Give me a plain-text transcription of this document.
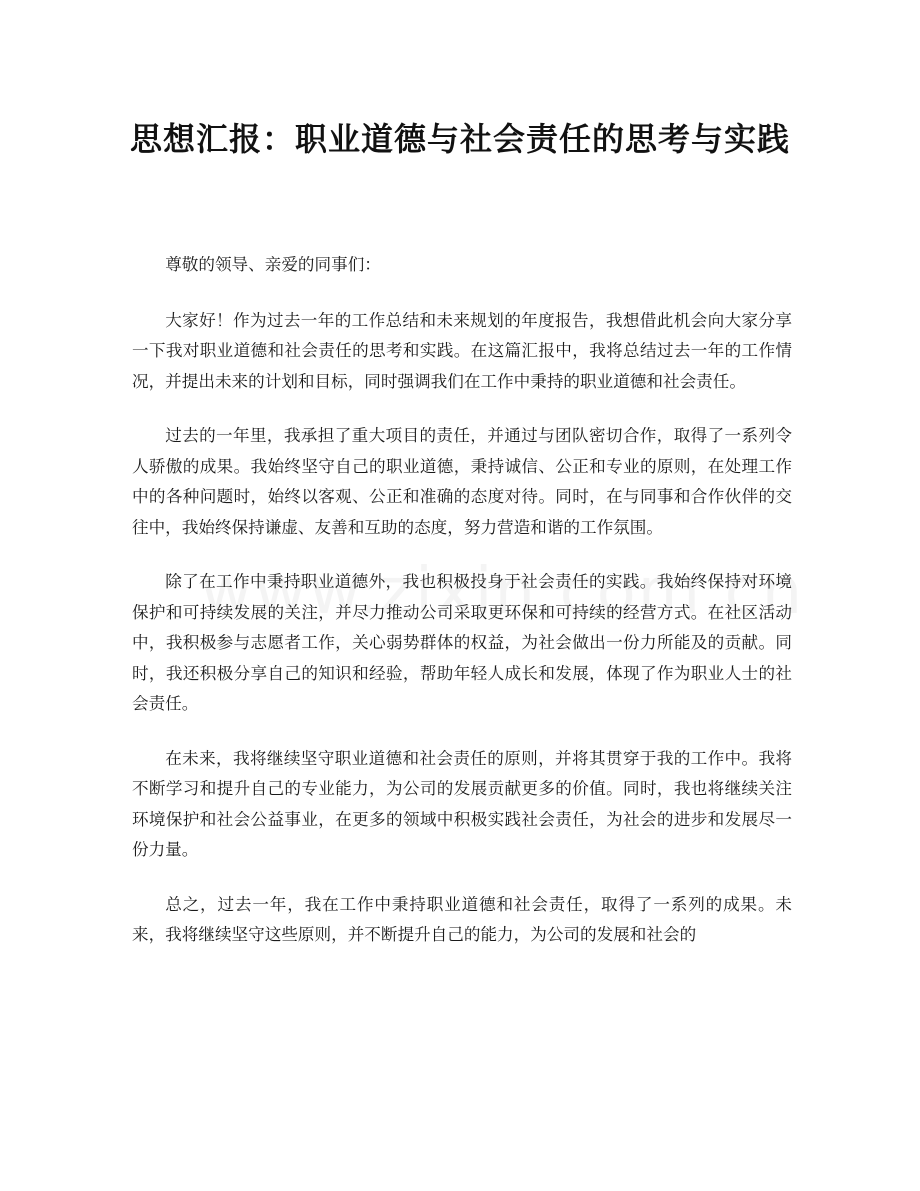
思想汇报：职业道德与社会责任的思考与实践

尊敬的领导、亲爱的同事们：

大家好！作为过去一年的工作总结和未来规划的年度报告，我想借此机会向大家分享一下我对职业道德和社会责任的思考和实践。在这篇汇报中，我将总结过去一年的工作情况，并提出未来的计划和目标，同时强调我们在工作中秉持的职业道德和社会责任。

过去的一年里，我承担了重大项目的责任，并通过与团队密切合作，取得了一系列令人骄傲的成果。我始终坚守自己的职业道德，秉持诚信、公正和专业的原则，在处理工作中的各种问题时，始终以客观、公正和准确的态度对待。同时，在与同事和合作伙伴的交往中，我始终保持谦虚、友善和互助的态度，努力营造和谐的工作氛围。

除了在工作中秉持职业道德外，我也积极投身于社会责任的实践。我始终保持对环境保护和可持续发展的关注，并尽力推动公司采取更环保和可持续的经营方式。在社区活动中，我积极参与志愿者工作，关心弱势群体的权益，为社会做出一份力所能及的贡献。同时，我还积极分享自己的知识和经验，帮助年轻人成长和发展，体现了作为职业人士的社会责任。

在未来，我将继续坚守职业道德和社会责任的原则，并将其贯穿于我的工作中。我将不断学习和提升自己的专业能力，为公司的发展贡献更多的价值。同时，我也将继续关注环境保护和社会公益事业，在更多的领域中积极实践社会责任，为社会的进步和发展尽一份力量。

总之，过去一年，我在工作中秉持职业道德和社会责任，取得了一系列的成果。未来，我将继续坚守这些原则，并不断提升自己的能力，为公司的发展和社会的
